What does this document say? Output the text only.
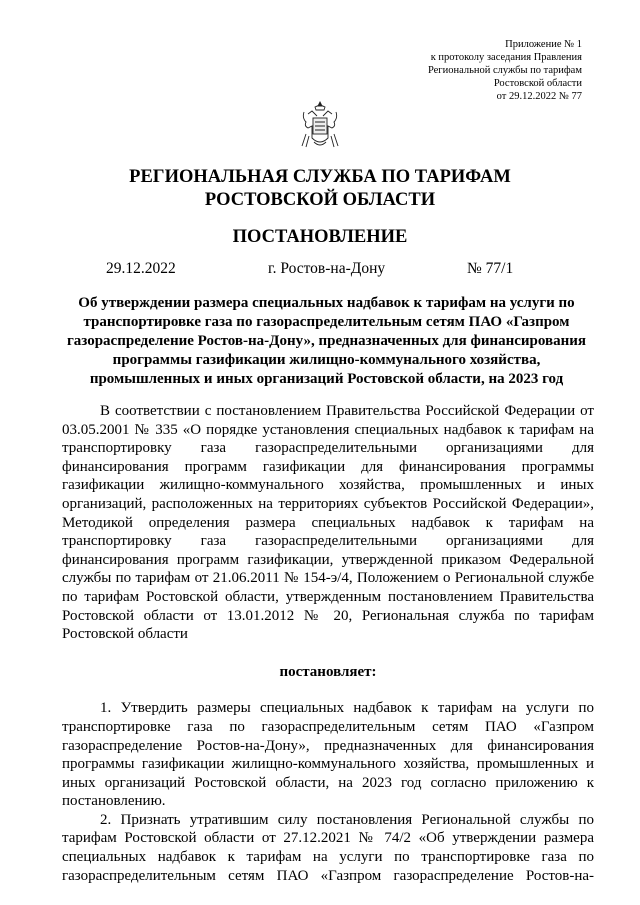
Приложение № 1
к протоколу заседания Правления
Региональной службы по тарифам
Ростовской области
от 29.12.2022 № 77
РЕГИОНАЛЬНАЯ СЛУЖБА ПО ТАРИФАМ
РОСТОВСКОЙ ОБЛАСТИ
ПОСТАНОВЛЕНИЕ
29.12.2022	г. Ростов-на-Дону	№ 77/1
Об утверждении размера специальных надбавок к тарифам на услуги по транспортировке газа по газораспределительным сетям ПАО «Газпром газораспределение Ростов-на-Дону», предназначенных для финансирования программы газификации жилищно-коммунального хозяйства, промышленных и иных организаций Ростовской области, на 2023 год

В соответствии с постановлением Правительства Российской Федерации от 03.05.2001 № 335 «О порядке установления специальных надбавок к тарифам на транспортировку газа газораспределительными организациями для финансирования программ газификации для финансирования программы газификации жилищно-коммунального хозяйства, промышленных и иных организаций, расположенных на территориях субъектов Российской Федерации», Методикой определения размера специальных надбавок к тарифам на транспортировку газа газораспределительными организациями для финансирования программ газификации, утвержденной приказом Федеральной службы по тарифам от 21.06.2011 № 154-э/4, Положением о Региональной службе по тарифам Ростовской области, утвержденным постановлением Правительства Ростовской области от 13.01.2012 № 20, Региональная служба по тарифам Ростовской области

постановляет:

1. Утвердить размеры специальных надбавок к тарифам на услуги по транспортировке газа по газораспределительным сетям ПАО «Газпром газораспределение Ростов-на-Дону», предназначенных для финансирования программы газификации жилищно-коммунального хозяйства, промышленных и иных организаций Ростовской области, на 2023 год согласно приложению к постановлению.

2. Признать утратившим силу постановления Региональной службы по тарифам Ростовской области от 27.12.2021 № 74/2 «Об утверждении размера специальных надбавок к тарифам на услуги по транспортировке газа по газораспределительным сетям ПАО «Газпром газораспределение Ростов-на-
